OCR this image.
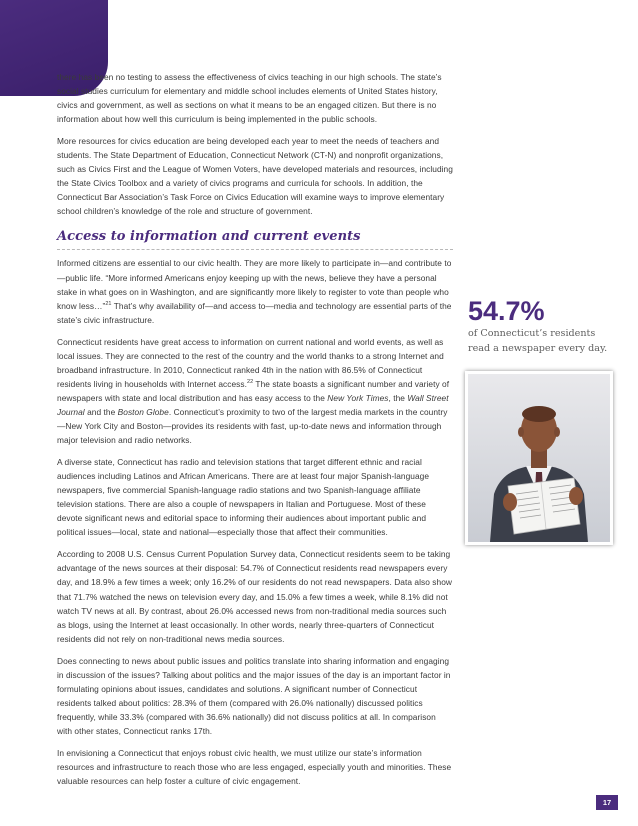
there has been no testing to assess the effectiveness of civics teaching in our high schools. The state’s social studies curriculum for elementary and middle school includes elements of United States history, civics and government, as well as sections on what it means to be an engaged citizen. But there is no information about how well this curriculum is being implemented in the public schools.

More resources for civics education are being developed each year to meet the needs of teachers and students. The State Department of Education, Connecticut Network (CT-N) and nonprofit organizations, such as Civics First and the League of Women Voters, have developed materials and resources, including the State Civics Toolbox and a variety of civics programs and curricula for schools. In addition, the Connecticut Bar Association’s Task Force on Civics Education will examine ways to improve elementary school children’s knowledge of the role and structure of government.

Access to information and current events

Informed citizens are essential to our civic health. They are more likely to participate in—and contribute to—public life. “More informed Americans enjoy keeping up with the news, believe they have a personal stake in what goes on in Washington, and are significantly more likely to register to vote than people who know less…”$^{21}$ That’s why availability of—and access to—media and technology are essential parts of the state’s civic infrastructure.

Connecticut residents have great access to information on current national and world events, as well as local issues. They are connected to the rest of the country and the world thanks to a strong Internet and broadband infrastructure. In 2010, Connecticut ranked 4th in the nation with 86.5% of Connecticut residents living in households with Internet access.$^{22}$ The state boasts a significant number and variety of newspapers with state and local distribution and has easy access to the New York Times, the Wall Street Journal and the Boston Globe. Connecticut’s proximity to two of the largest media markets in the country—New York City and Boston—provides its residents with fast, up-to-date news and information through major television and radio networks.

A diverse state, Connecticut has radio and television stations that target different ethnic and racial audiences including Latinos and African Americans. There are at least four major Spanish-language newspapers, five commercial Spanish-language radio stations and two Spanish-language affiliate television stations. There are also a couple of newspapers in Italian and Portuguese. Most of these devote significant news and editorial space to informing their audiences about important public and political issues—local, state and national—especially those that affect their communities.

According to 2008 U.S. Census Current Population Survey data, Connecticut residents seem to be taking advantage of the news sources at their disposal: 54.7% of Connecticut residents read newspapers every day, and 18.9% a few times a week; only 16.2% of our residents do not read newspapers. Data also show that 71.7% watched the news on television every day, and 15.0% a few times a week, while 8.1% did not watch TV news at all. By contrast, about 26.0% accessed news from non-traditional media sources such as blogs, using the Internet at least occasionally. In other words, nearly three-quarters of Connecticut residents did not rely on non-traditional news media sources.

Does connecting to news about public issues and politics translate into sharing information and engaging in discussion of the issues? Talking about politics and the major issues of the day is an important factor in formulating opinions about issues, candidates and solutions. A significant number of Connecticut residents talked about politics: 28.3% of them (compared with 26.0% nationally) discussed politics frequently, while 33.3% (compared with 36.6% nationally) did not discuss politics at all. In comparison with other states, Connecticut ranks 17th.

In envisioning a Connecticut that enjoys robust civic health, we must utilize our state’s information resources and infrastructure to reach those who are less engaged, especially youth and minorities. These valuable resources can help foster a culture of civic engagement.

54.7%
of Connecticut’s residents
read a newspaper every day.
17
